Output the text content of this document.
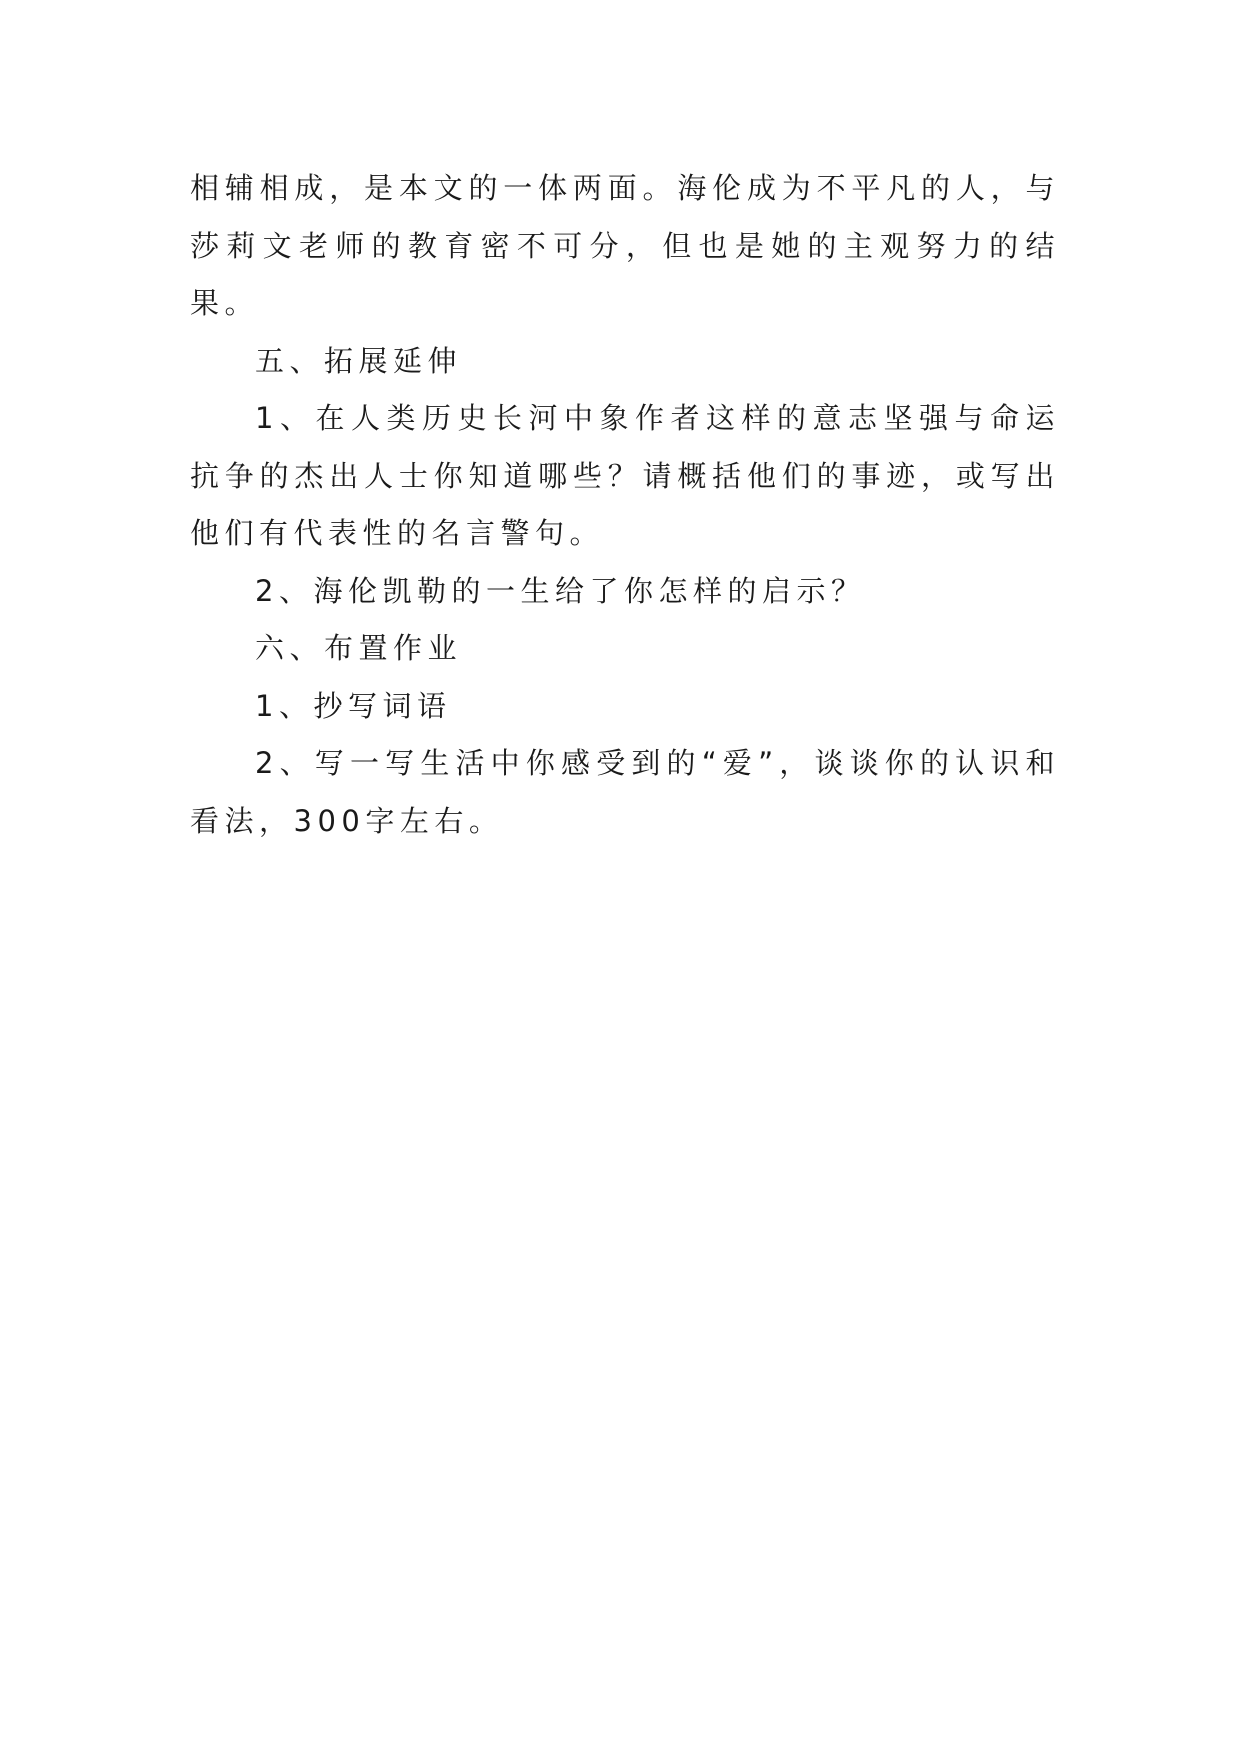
相辅相成，是本文的一体两面。海伦成为不平凡的人，与莎莉文老师的教育密不可分，但也是她的主观努力的结果。

五、拓展延伸

1、在人类历史长河中象作者这样的意志坚强与命运抗争的杰出人士你知道哪些？请概括他们的事迹，或写出他们有代表性的名言警句。

2、海伦凯勒的一生给了你怎样的启示？

六、布置作业

1、抄写词语

2、写一写生活中你感受到的“爱”，谈谈你的认识和看法，300字左右。
